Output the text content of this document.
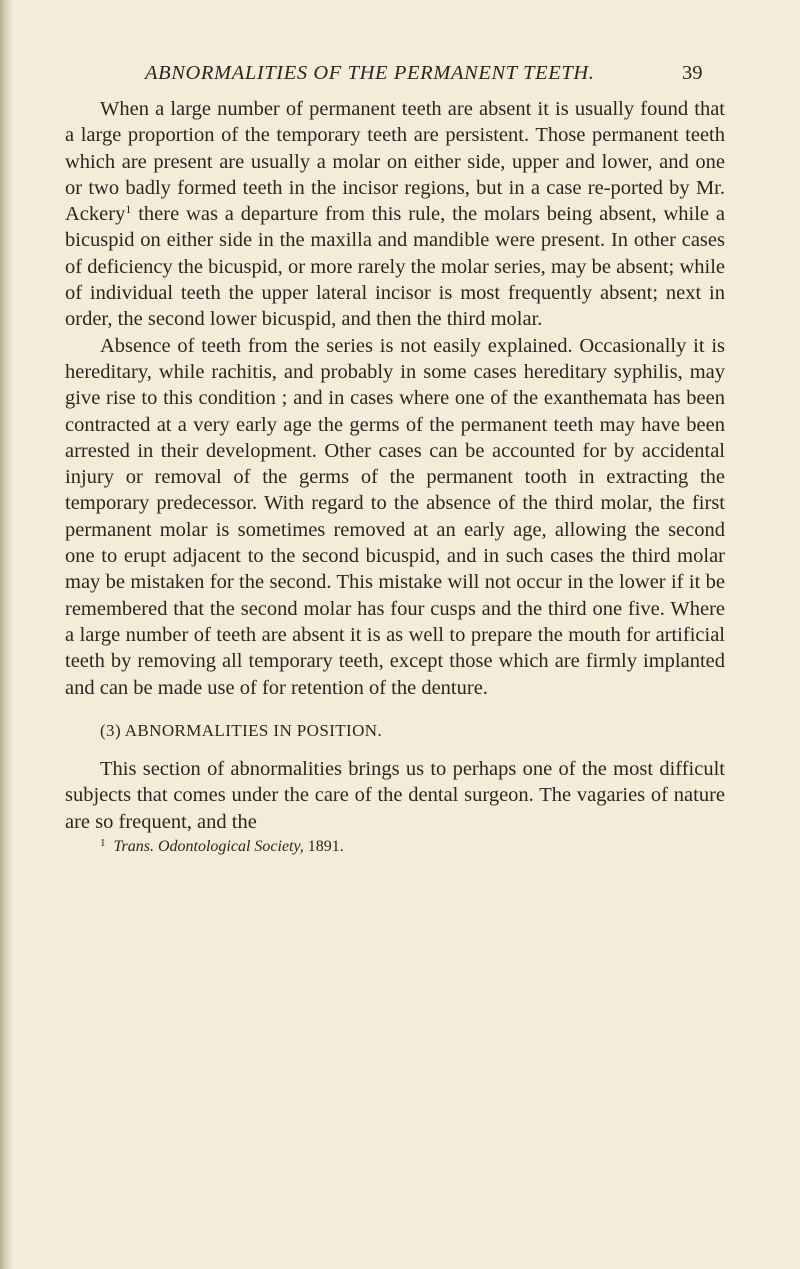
ABNORMALITIES OF THE PERMANENT TEETH.	39

When a large number of permanent teeth are absent it is usually found that a large proportion of the temporary teeth are persistent. Those permanent teeth which are present are usually a molar on either side, upper and lower, and one or two badly formed teeth in the incisor regions, but in a case re-ported by Mr. Ackery$^1$ there was a departure from this rule, the molars being absent, while a bicuspid on either side in the maxilla and mandible were present. In other cases of deficiency the bicuspid, or more rarely the molar series, may be absent; while of individual teeth the upper lateral incisor is most frequently absent; next in order, the second lower bicuspid, and then the third molar.

Absence of teeth from the series is not easily explained. Occasionally it is hereditary, while rachitis, and probably in some cases hereditary syphilis, may give rise to this condition ; and in cases where one of the exanthemata has been contracted at a very early age the germs of the permanent teeth may have been arrested in their development. Other cases can be accounted for by accidental injury or removal of the germs of the permanent tooth in extracting the temporary predecessor. With regard to the absence of the third molar, the first permanent molar is sometimes removed at an early age, allowing the second one to erupt adjacent to the second bicuspid, and in such cases the third molar may be mistaken for the second. This mistake will not occur in the lower if it be remembered that the second molar has four cusps and the third one five. Where a large number of teeth are absent it is as well to prepare the mouth for artificial teeth by removing all temporary teeth, except those which are firmly implanted and can be made use of for retention of the denture.

(3) ABNORMALITIES IN POSITION.

This section of abnormalities brings us to perhaps one of the most difficult subjects that comes under the care of the dental surgeon. The vagaries of nature are so frequent, and the

$^1$ Trans. Odontological Society, 1891.
